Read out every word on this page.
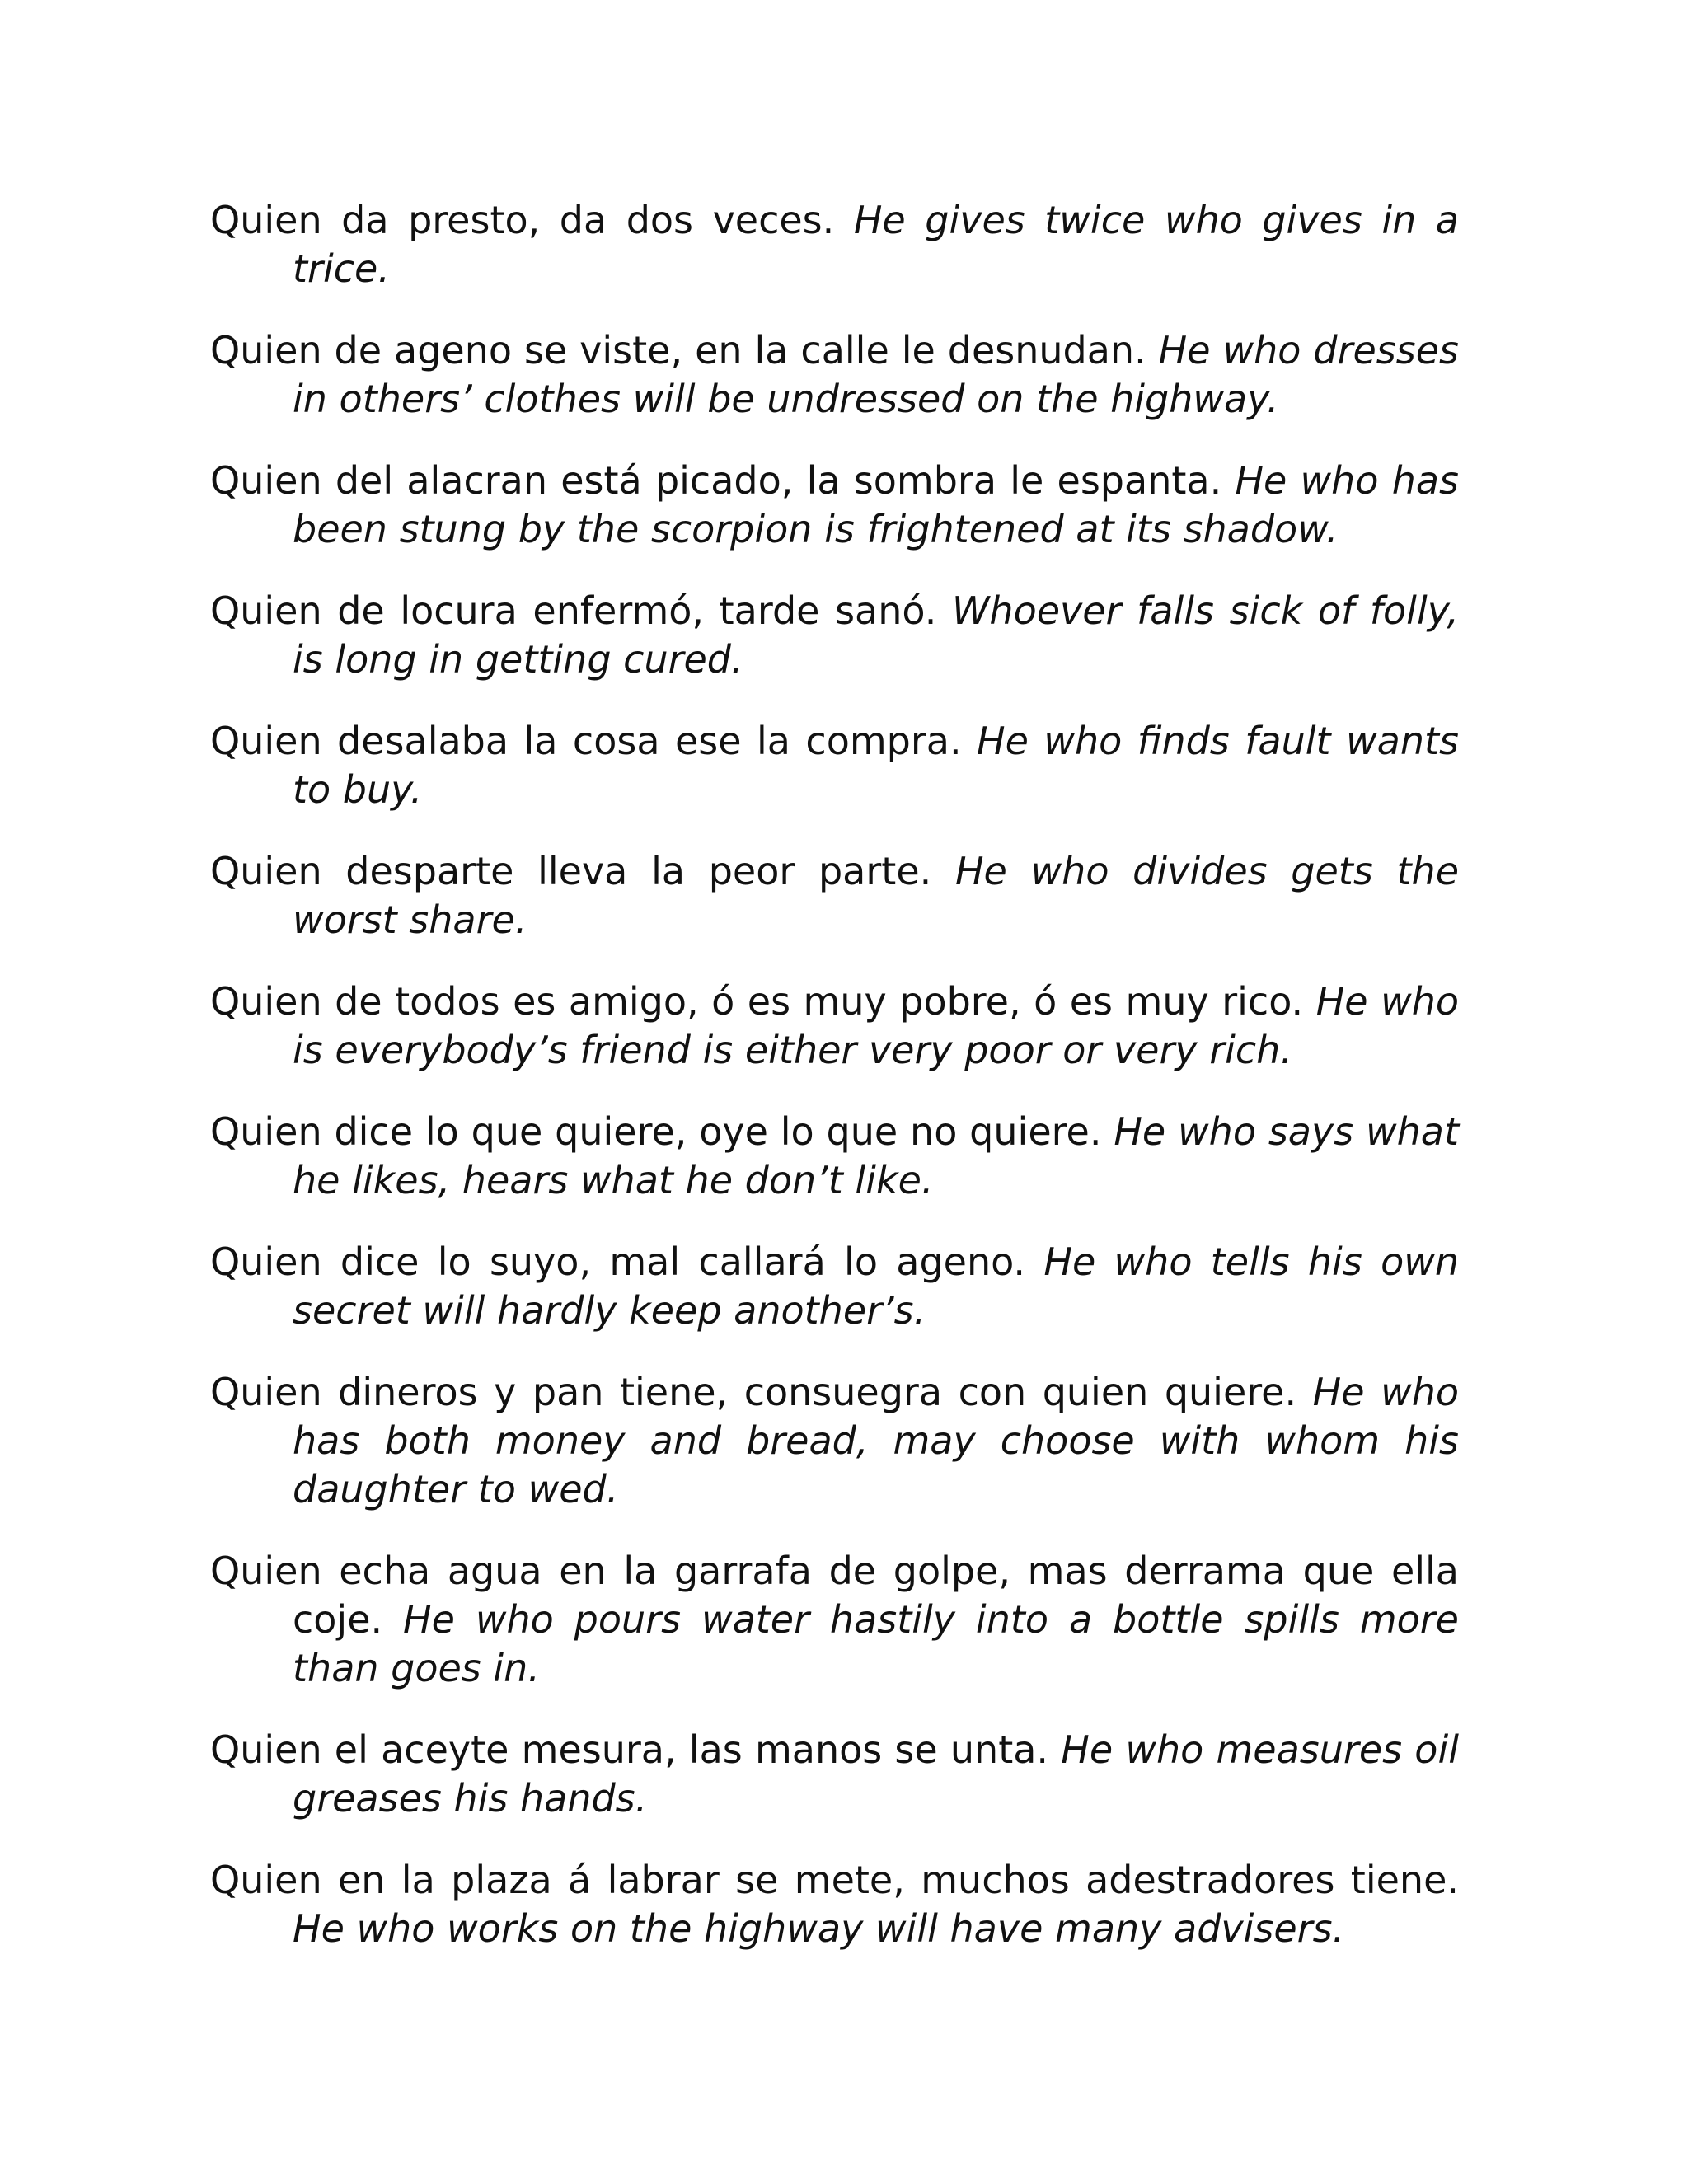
Quien da presto, da dos veces. He gives twice who gives in a trice.

Quien de ageno se viste, en la calle le desnudan. He who dresses in others’ clothes will be undressed on the highway.

Quien del alacran está picado, la sombra le espanta. He who has been stung by the scorpion is frightened at its shadow.

Quien de locura enfermó, tarde sanó. Whoever falls sick of folly, is long in getting cured.

Quien desalaba la cosa ese la compra. He who finds fault wants to buy.

Quien desparte lleva la peor parte. He who divides gets the worst share.

Quien de todos es amigo, ó es muy pobre, ó es muy rico. He who is everybody’s friend is either very poor or very rich.

Quien dice lo que quiere, oye lo que no quiere. He who says what he likes, hears what he don’t like.

Quien dice lo suyo, mal callará lo ageno. He who tells his own secret will hardly keep another’s.

Quien dineros y pan tiene, consuegra con quien quiere. He who has both money and bread, may choose with whom his daughter to wed.

Quien echa agua en la garrafa de golpe, mas derrama que ella coje. He who pours water hastily into a bottle spills more than goes in.

Quien el aceyte mesura, las manos se unta. He who measures oil greases his hands.

Quien en la plaza á labrar se mete, muchos adestradores tiene. He who works on the highway will have many advisers.
